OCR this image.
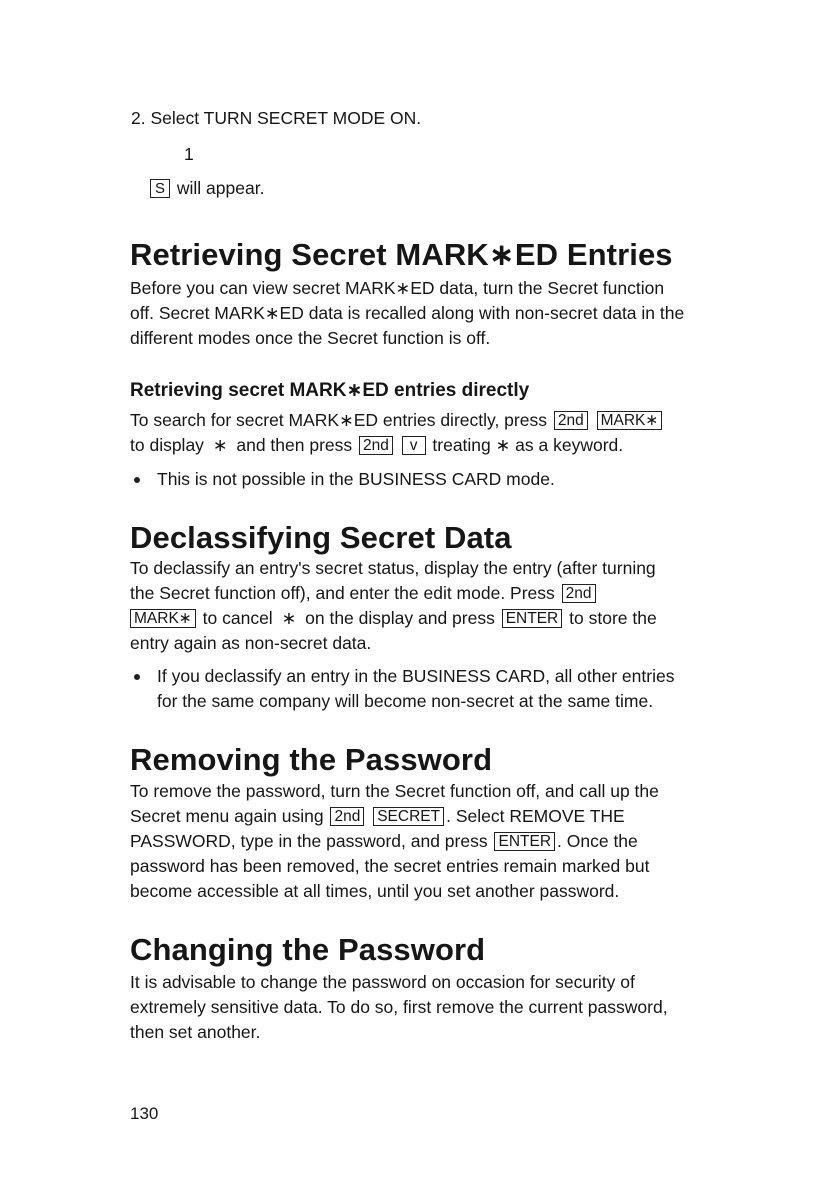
2. Select TURN SECRET MODE ON.
1
S will appear.
Retrieving Secret MARK∗ED Entries
Before you can view secret MARK∗ED data, turn the Secret function
off. Secret MARK∗ED data is recalled along with non-secret data in the
different modes once the Secret function is off.
Retrieving secret MARK∗ED entries directly
To search for secret MARK∗ED entries directly, press 2nd MARK∗
to display ∗ and then press 2nd v treating ∗ as a keyword.
This is not possible in the BUSINESS CARD mode.
Declassifying Secret Data
To declassify an entry's secret status, display the entry (after turning
the Secret function off), and enter the edit mode. Press 2nd
MARK∗ to cancel ∗ on the display and press ENTER to store the
entry again as non-secret data.
If you declassify an entry in the BUSINESS CARD, all other entries
for the same company will become non-secret at the same time.
Removing the Password
To remove the password, turn the Secret function off, and call up the
Secret menu again using 2nd SECRET . Select REMOVE THE
PASSWORD, type in the password, and press ENTER . Once the
password has been removed, the secret entries remain marked but
become accessible at all times, until you set another password.
Changing the Password
It is advisable to change the password on occasion for security of
extremely sensitive data. To do so, first remove the current password,
then set another.
130
